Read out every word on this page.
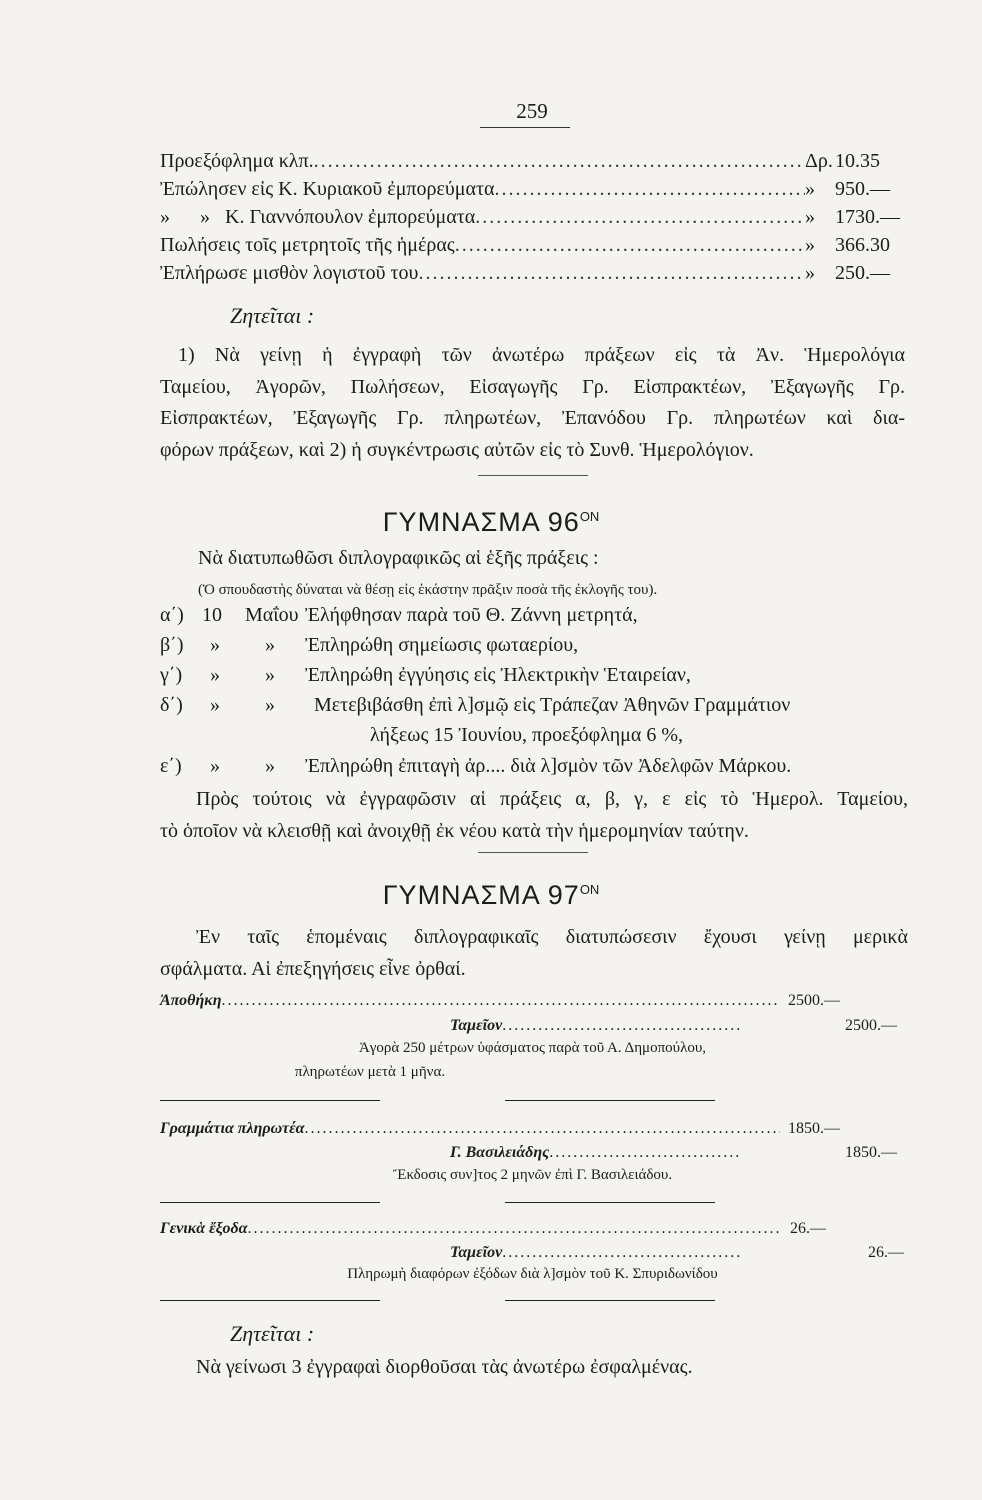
259
Προεξόφλημα κλπ. .....	Δρ. 10.35
Ἐπώλησεν εἰς Κ. Κυριακοῦ ἐμπορεύματα .....	»	950.—
»      »   Κ. Γιαννόπουλον ἐμπορεύματα .....	»	1730.—
Πωλήσεις τοῖς μετρητοῖς τῆς ἡμέρας .....	»	366.30
Ἐπλήρωσε μισθὸν λογιστοῦ του .....	»	250.—
Ζητεῖται :
1) Νὰ γείνῃ ἡ ἐγγραφὴ τῶν ἀνωτέρω πράξεων εἰς τὰ Ἀν. Ἡμερολόγια
Ταμείου, Ἀγορῶν, Πωλήσεων, Εἰσαγωγῆς Γρ. Εἰσπρακτέων, Ἐξαγωγῆς Γρ.
Εἰσπρακτέων, Ἐξαγωγῆς Γρ. πληρωτέων, Ἐπανόδου Γρ. πληρωτέων καὶ δια-
φόρων πράξεων, καὶ 2) ἡ συγκέντρωσις αὐτῶν εἰς τὸ Συνθ. Ἡμερολόγιον.
ΓΥΜΝΑΣΜΑ $96^{ON}$
Νὰ διατυπωθῶσι διπλογραφικῶς αἱ ἑξῆς πράξεις :
(Ὁ σπουδαστὴς δύναται νὰ θέσῃ εἰς ἑκάστην πρᾶξιν ποσὰ τῆς ἐκλογῆς του).
α΄) 10 Μαΐου Ἐλήφθησαν παρὰ τοῦ Θ. Ζάννη μετρητά,
β΄) » » Ἐπληρώθη σημείωσις φωταερίου,
γ΄) » » Ἐπληρώθη ἐγγύησις εἰς Ἠλεκτρικὴν Ἑταιρείαν,
δ΄) » » Μετεβιβάσθη ἐπὶ λ]σμῷ εἰς Τράπεζαν Ἀθηνῶν Γραμμάτιον
λήξεως 15 Ἰουνίου, προεξόφλημα 6 %,
ε΄) » » Ἐπληρώθη ἐπιταγὴ ἀρ.... διὰ λ]σμὸν τῶν Ἀδελφῶν Μάρκου.
Πρὸς τούτοις νὰ ἐγγραφῶσιν αἱ πράξεις α, β, γ, ε εἰς τὸ Ἡμερολ. Ταμείου,
τὸ ὁποῖον νὰ κλεισθῇ καὶ ἀνοιχθῇ ἐκ νέου κατὰ τὴν ἡμερομηνίαν ταύτην.
ΓΥΜΝΑΣΜΑ $97^{ON}$
Ἐν ταῖς ἑπομέναις διπλογραφικαῖς διατυπώσεσιν ἔχουσι γείνῃ μερικὰ
σφάλματα. Αἱ ἐπεξηγήσεις εἶνε ὀρθαί.
Ἀποθήκη .....	2500.—
Ταμεῖον .....	2500.—
Ἀγορὰ 250 μέτρων ὑφάσματος παρὰ τοῦ Α. Δημοπούλου,
πληρωτέων μετὰ 1 μῆνα.
Γραμμάτια πληρωτέα .....	1850.—
Γ. Βασιλειάδης .....	1850.—
Ἔκδοσις συν]τος 2 μηνῶν ἐπὶ Γ. Βασιλειάδου.
Γενικὰ ἔξοδα .....	26.—
Ταμεῖον .....	26.—
Πληρωμὴ διαφόρων ἐξόδων διὰ λ]σμὸν τοῦ Κ. Σπυριδωνίδου
Ζητεῖται :
Νὰ γείνωσι 3 ἐγγραφαὶ διορθοῦσαι τὰς ἀνωτέρω ἐσφαλμένας.
